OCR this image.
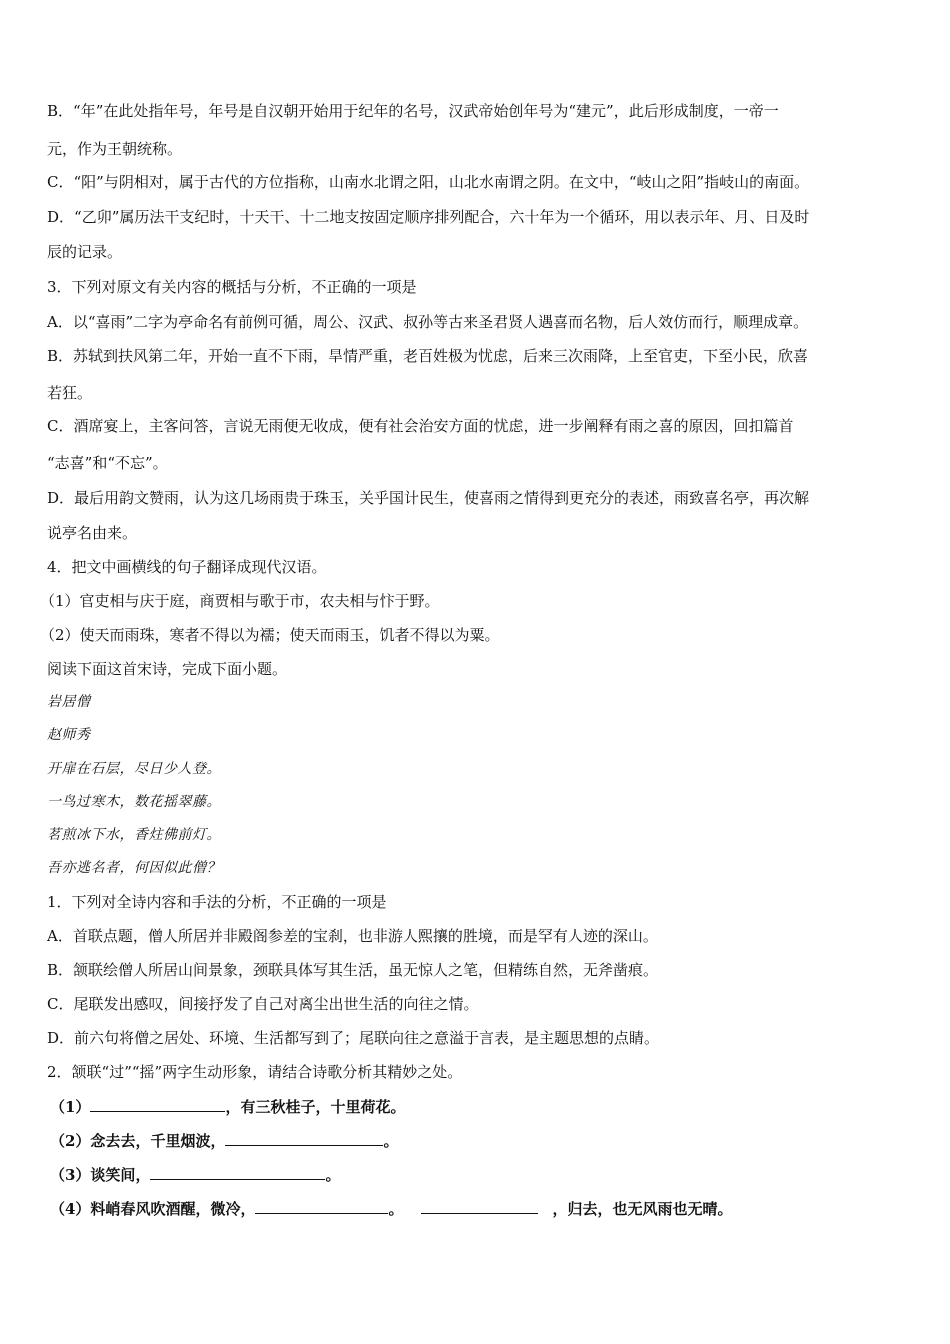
B．“年”在此处指年号，年号是自汉朝开始用于纪年的名号，汉武帝始创年号为“建元”，此后形成制度，一帝一
元，作为王朝统称。
C．“阳”与阴相对，属于古代的方位指称，山南水北谓之阳，山北水南谓之阴。在文中，“岐山之阳”指岐山的南面。
D．“乙卯”属历法干支纪时，十天干、十二地支按固定顺序排列配合，六十年为一个循环，用以表示年、月、日及时
辰的记录。
3．下列对原文有关内容的概括与分析，不正确的一项是
A．以“喜雨”二字为亭命名有前例可循，周公、汉武、叔孙等古来圣君贤人遇喜而名物，后人效仿而行，顺理成章。
B．苏轼到扶风第二年，开始一直不下雨，旱情严重，老百姓极为忧虑，后来三次雨降，上至官吏，下至小民，欣喜
若狂。
C．酒席宴上，主客问答，言说无雨便无收成，便有社会治安方面的忧虑，进一步阐释有雨之喜的原因，回扣篇首
“志喜”和“不忘”。
D．最后用韵文赞雨，认为这几场雨贵于珠玉，关乎国计民生，使喜雨之情得到更充分的表述，雨致喜名亭，再次解
说亭名由来。
4．把文中画横线的句子翻译成现代汉语。
（1）官吏相与庆于庭，商贾相与歌于市，农夫相与忭于野。
（2）使天而雨珠，寒者不得以为襦；使天而雨玉，饥者不得以为粟。
阅读下面这首宋诗，完成下面小题。
岩居僧
赵师秀
开扉在石层，尽日少人登。
一鸟过寒木，数花摇翠藤。
茗煎冰下水，香炷佛前灯。
吾亦逃名者，何因似此僧？
1．下列对全诗内容和手法的分析，不正确的一项是
A．首联点题，僧人所居并非殿阁参差的宝刹，也非游人熙攘的胜境，而是罕有人迹的深山。
B．颔联绘僧人所居山间景象，颈联具体写其生活，虽无惊人之笔，但精练自然，无斧凿痕。
C．尾联发出感叹，间接抒发了自己对离尘出世生活的向往之情。
D．前六句将僧之居处、环境、生活都写到了；尾联向往之意溢于言表，是主题思想的点睛。
2．颔联“过”“摇”两字生动形象，请结合诗歌分析其精妙之处。
（1）	，有三秋桂子，十里荷花。
（2）念去去，千里烟波，	。
（3）谈笑间，	。
（4）料峭春风吹酒醒，微冷，	。	，归去，也无风雨也无晴。
